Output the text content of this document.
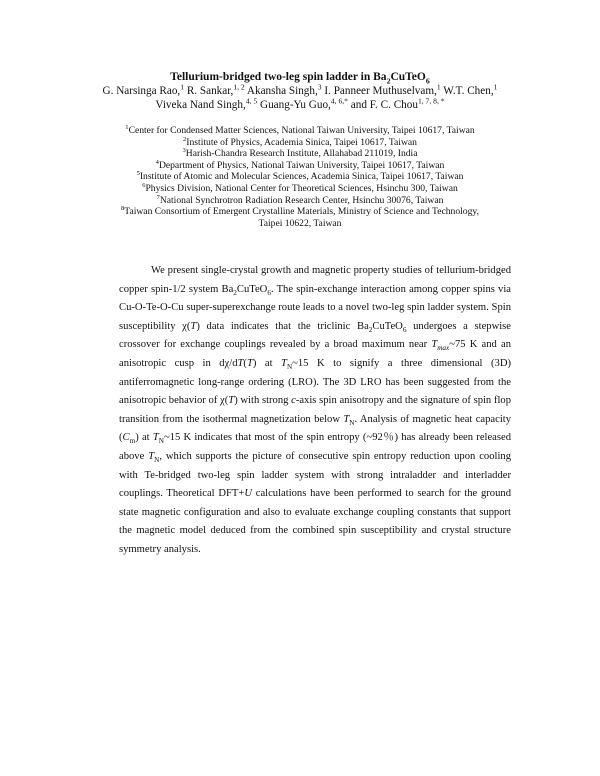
Tellurium-bridged two-leg spin ladder in $Ba_2CuTeO_6$
G. Narsinga Rao,$^1$ R. Sankar,$^{1, 2}$ Akansha Singh,$^3$ I. Panneer Muthuselvam,$^1$ W.T. Chen,$^1$
Viveka Nand Singh,$^{4, 5}$ Guang-Yu Guo,$^{4, 6,*}$ and F. C. Chou$^{1, 7, 8, *}$
$^1$Center for Condensed Matter Sciences, National Taiwan University, Taipei 10617, Taiwan
$^2$Institute of Physics, Academia Sinica, Taipei 10617, Taiwan
$^3$Harish-Chandra Research Institute, Allahabad 211019, India
$^4$Department of Physics, National Taiwan University, Taipei 10617, Taiwan
$^5$Institute of Atomic and Molecular Sciences, Academia Sinica, Taipei 10617, Taiwan
$^6$Physics Division, National Center for Theoretical Sciences, Hsinchu 300, Taiwan
$^7$National Synchrotron Radiation Research Center, Hsinchu 30076, Taiwan
$^8$Taiwan Consortium of Emergent Crystalline Materials, Ministry of Science and Technology,
Taipei 10622, Taiwan

We present single-crystal growth and magnetic property studies of tellurium-bridged copper spin-1/2 system $Ba_2CuTeO_6$. The spin-exchange interaction among copper spins via Cu-O-Te-O-Cu super-superexchange route leads to a novel two-leg spin ladder system. Spin susceptibility χ(T) data indicates that the triclinic $Ba_2CuTeO_6$ undergoes a stepwise crossover for exchange couplings revealed by a broad maximum near $T_{max}\sim 75$ K and an anisotropic cusp in dχ/dT(T) at $T_N\sim 15$ K to signify a three dimensional (3D) antiferromagnetic long-range ordering (LRO). The 3D LRO has been suggested from the anisotropic behavior of χ(T) with strong c-axis spin anisotropy and the signature of spin flop transition from the isothermal magnetization below $T_N$. Analysis of magnetic heat capacity $(C_m)$ at $T_N\sim 15$ K indicates that most of the spin entropy (~92％) has already been released above $T_N$, which supports the picture of consecutive spin entropy reduction upon cooling with Te-bridged two-leg spin ladder system with strong intraladder and interladder couplings. Theoretical DFT+U calculations have been performed to search for the ground state magnetic configuration and also to evaluate exchange coupling constants that support the magnetic model deduced from the combined spin susceptibility and crystal structure symmetry analysis.
